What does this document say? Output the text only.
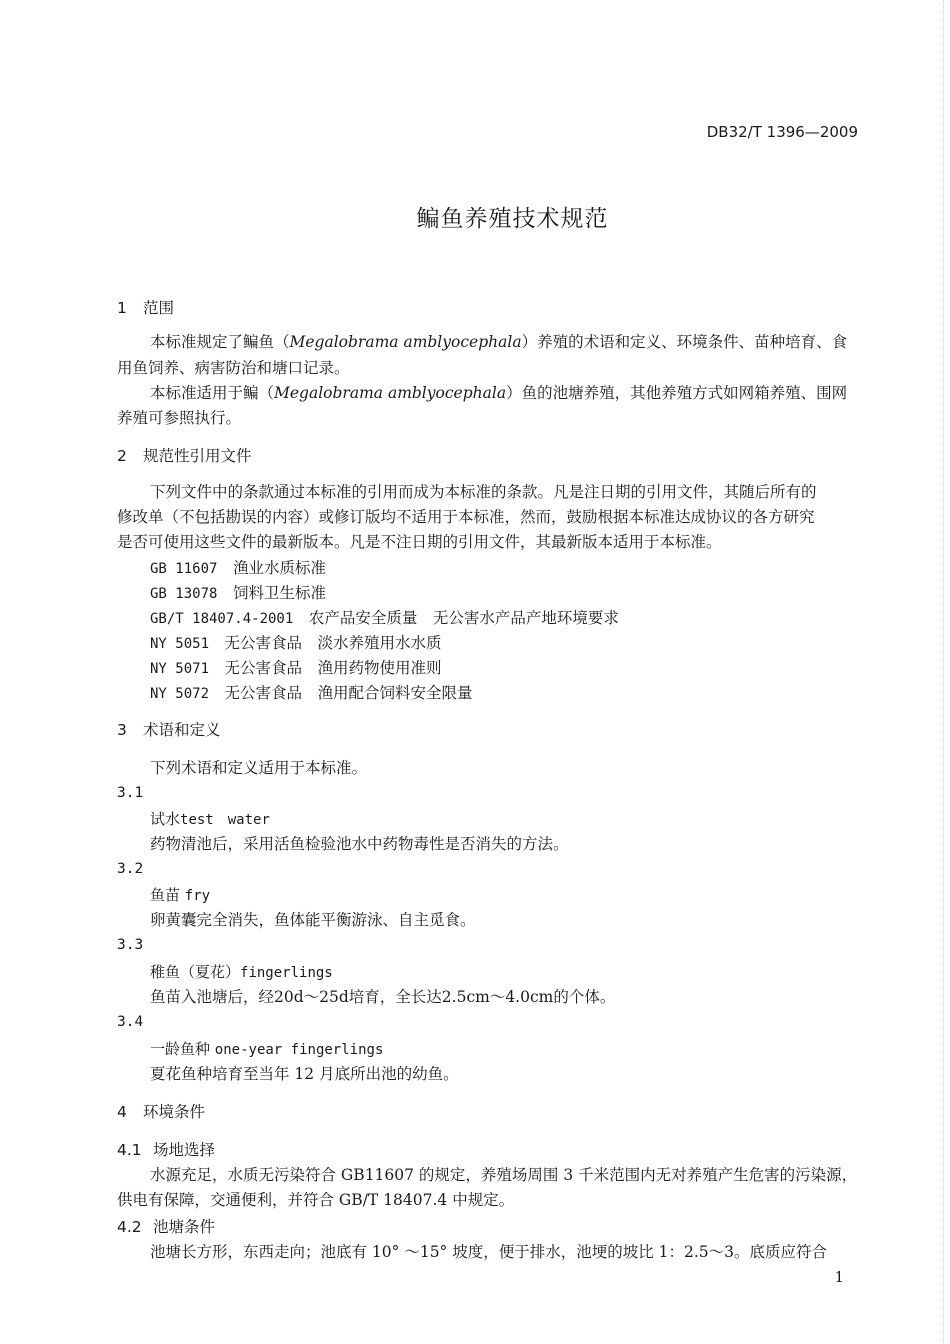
DB32/T 1396—2009
鳊鱼养殖技术规范
1 范围
本标准规定了鳊鱼（Megalobrama amblyocephala）养殖的术语和定义、环境条件、苗种培育、食
用鱼饲养、病害防治和塘口记录。
本标准适用于鳊（Megalobrama amblyocephala）鱼的池塘养殖，其他养殖方式如网箱养殖、围网
养殖可参照执行。
2 规范性引用文件
下列文件中的条款通过本标准的引用而成为本标准的条款。凡是注日期的引用文件，其随后所有的
修改单（不包括勘误的内容）或修订版均不适用于本标准，然而，鼓励根据本标准达成协议的各方研究
是否可使用这些文件的最新版本。凡是不注日期的引用文件，其最新版本适用于本标准。
GB 11607　 渔业水质标准
GB 13078　 饲料卫生标准
GB/T 18407.4-2001　 农产品安全质量　无公害水产品产地环境要求
NY 5051　 无公害食品　淡水养殖用水水质
NY 5071　 无公害食品　渔用药物使用准则
NY 5072　 无公害食品　渔用配合饲料安全限量
3 术语和定义
下列术语和定义适用于本标准。
3.1
试水test　water
药物清池后，采用活鱼检验池水中药物毒性是否消失的方法。
3.2
鱼苗 fry
卵黄囊完全消失，鱼体能平衡游泳、自主觅食。
3.3
稚鱼（夏花）fingerlings
鱼苗入池塘后，经20d～25d培育，全长达2.5cm～4.0cm的个体。
3.4
一龄鱼种 one-year fingerlings
夏花鱼种培育至当年 12 月底所出池的幼鱼。
4 环境条件
4.1 场地选择
水源充足，水质无污染符合 GB11607 的规定，养殖场周围 3 千米范围内无对养殖产生危害的污染源，
供电有保障，交通便利，并符合 GB/T 18407.4 中规定。
4.2 池塘条件
池塘长方形，东西走向；池底有 10° ～15° 坡度，便于排水，池埂的坡比 1：2.5～3。底质应符合
1
